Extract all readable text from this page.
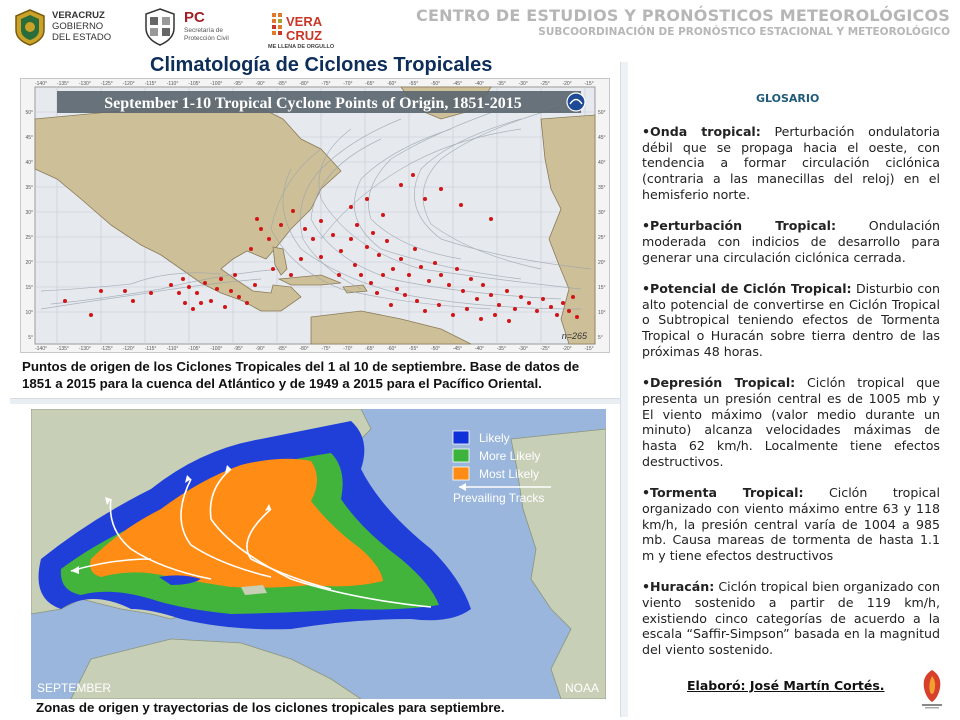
VERACRUZ
GOBIERNO
DEL ESTADO
PC
Secretaría de
Protección Civil
VERA
CRUZ
ME LLENA DE ORGULLO
CENTRO DE ESTUDIOS Y PRONÓSTICOS METEOROLÓGICOS
SUBCOORDINACIÓN DE PRONÓSTICO ESTACIONAL Y METEOROLÓGICO
Climatología de Ciclones Tropicales
September 1-10 Tropical Cyclone Points of Origin, 1851-2015
n=265
-140° -135° -130° -125° -120° -115° -110° -105° -100° -95°	-90°	-85°	-80°	-75°	-70°	-65°	-60°	-55°	-50°	-45°	-40°	-35°	-30°	-25°	-20°	-15°
-140° -135° -130° -125° -120° -115° -110° -105° -100° -95°	-90°	-85°	-80°	-75°	-70°	-65°	-60°	-55°	-50°	-45°	-40°	-35°	-30°	-25°	-20°	-15°
50°
45°
40°
35°
30°
25°
20°
15°
10°
5°
50°
45°
40°
35°
30°
25°
20°
15°
10°
5°
Puntos de origen de los Ciclones Tropicales del 1 al 10 de septiembre. Base de datos de 1851 a 2015 para la cuenca del Atlántico y de 1949 a 2015 para el Pacífico Oriental.
Likely
More Likely
Most Likely
Prevailing Tracks
SEPTEMBER	NOAA
Zonas de origen y trayectorias de los ciclones tropicales para septiembre.
GLOSARIO
•Onda tropical: Perturbación ondulatoria débil que se propaga hacia el oeste, con tendencia a formar circulación ciclónica (contraria a las manecillas del reloj) en el hemisferio norte.
•Perturbación Tropical: Ondulación moderada con indicios de desarrollo para generar una circulación ciclónica cerrada.
•Potencial de Ciclón Tropical: Disturbio con alto potencial de convertirse en Ciclón Tropical o Subtropical teniendo efectos de Tormenta Tropical o Huracán sobre tierra dentro de las próximas 48 horas.
•Depresión Tropical: Ciclón tropical que presenta un presión central es de 1005 mb y El viento máximo (valor medio durante un minuto) alcanza velocidades máximas de hasta 62 km/h. Localmente tiene efectos destructivos.
•Tormenta Tropical: Ciclón tropical organizado con viento máximo entre 63 y 118 km/h, la presión central varía de 1004 a 985 mb. Causa mareas de tormenta de hasta 1.1 m y tiene efectos destructivos
•Huracán: Ciclón tropical bien organizado con viento sostenido a partir de 119 km/h, existiendo cinco categorías de acuerdo a la escala “Saffir-Simpson” basada en la magnitud del viento sostenido.
Elaboró: José Martín Cortés.
